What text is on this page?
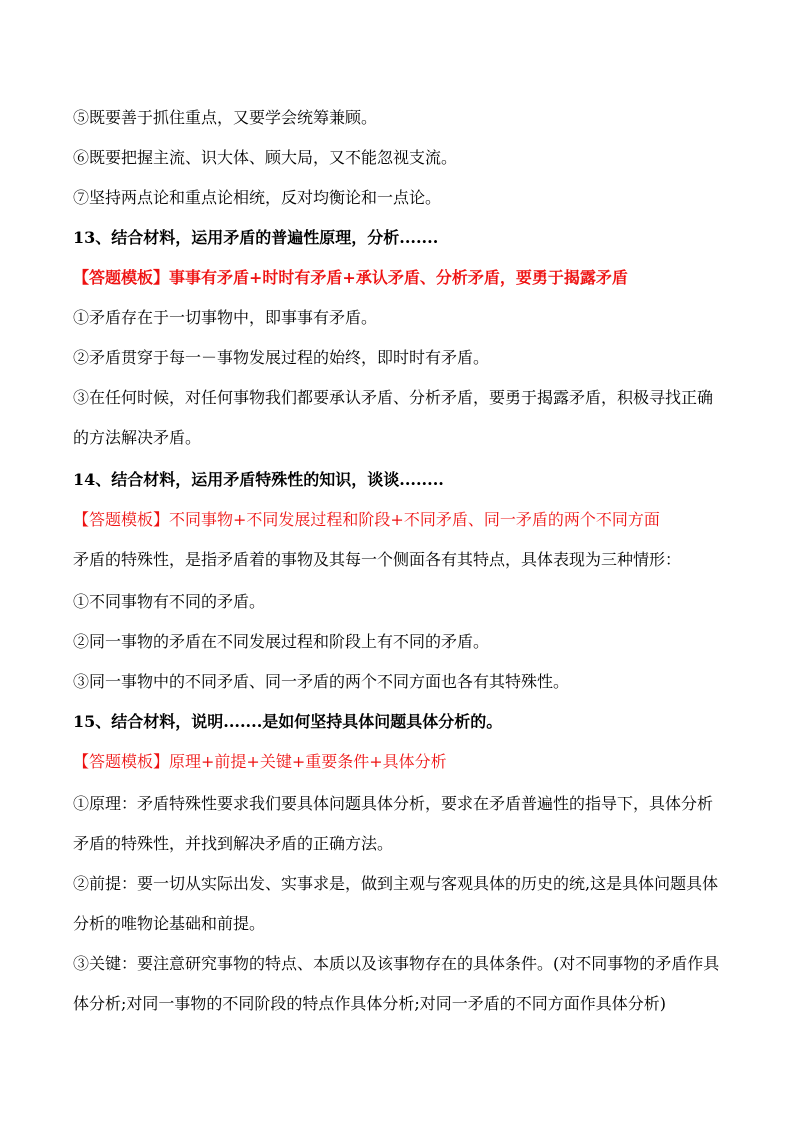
⑤既要善于抓住重点，又要学会统筹兼顾。
⑥既要把握主流、识大体、顾大局，又不能忽视支流。
⑦坚持两点论和重点论相统，反对均衡论和一点论。
13、结合材料，运用矛盾的普遍性原理，分析.......
【答题模板】事事有矛盾+时时有矛盾+承认矛盾、分析矛盾，要勇于揭露矛盾
①矛盾存在于一切事物中，即事事有矛盾。
②矛盾贯穿于每一－事物发展过程的始终，即时时有矛盾。
③在任何时候，对任何事物我们都要承认矛盾、分析矛盾，要勇于揭露矛盾，积极寻找正确
的方法解决矛盾。
14、结合材料，运用矛盾特殊性的知识，谈谈........
【答题模板】不同事物+不同发展过程和阶段+不同矛盾、同一矛盾的两个不同方面
矛盾的特殊性，是指矛盾着的事物及其每一个侧面各有其特点，具体表现为三种情形：
①不同事物有不同的矛盾。
②同一事物的矛盾在不同发展过程和阶段上有不同的矛盾。
③同一事物中的不同矛盾、同一矛盾的两个不同方面也各有其特殊性。
15、结合材料，说明.......是如何坚持具体问题具体分析的。
【答题模板】原理+前提+关键+重要条件+具体分析
①原理：矛盾特殊性要求我们要具体问题具体分析，要求在矛盾普遍性的指导下，具体分析
矛盾的特殊性，并找到解决矛盾的正确方法。
②前提：要一切从实际出发、实事求是，做到主观与客观具体的历史的统,这是具体问题具体
分析的唯物论基础和前提。
③关键：要注意研究事物的特点、本质以及该事物存在的具体条件。(对不同事物的矛盾作具
体分析;对同一事物的不同阶段的特点作具体分析;对同一矛盾的不同方面作具体分析)
